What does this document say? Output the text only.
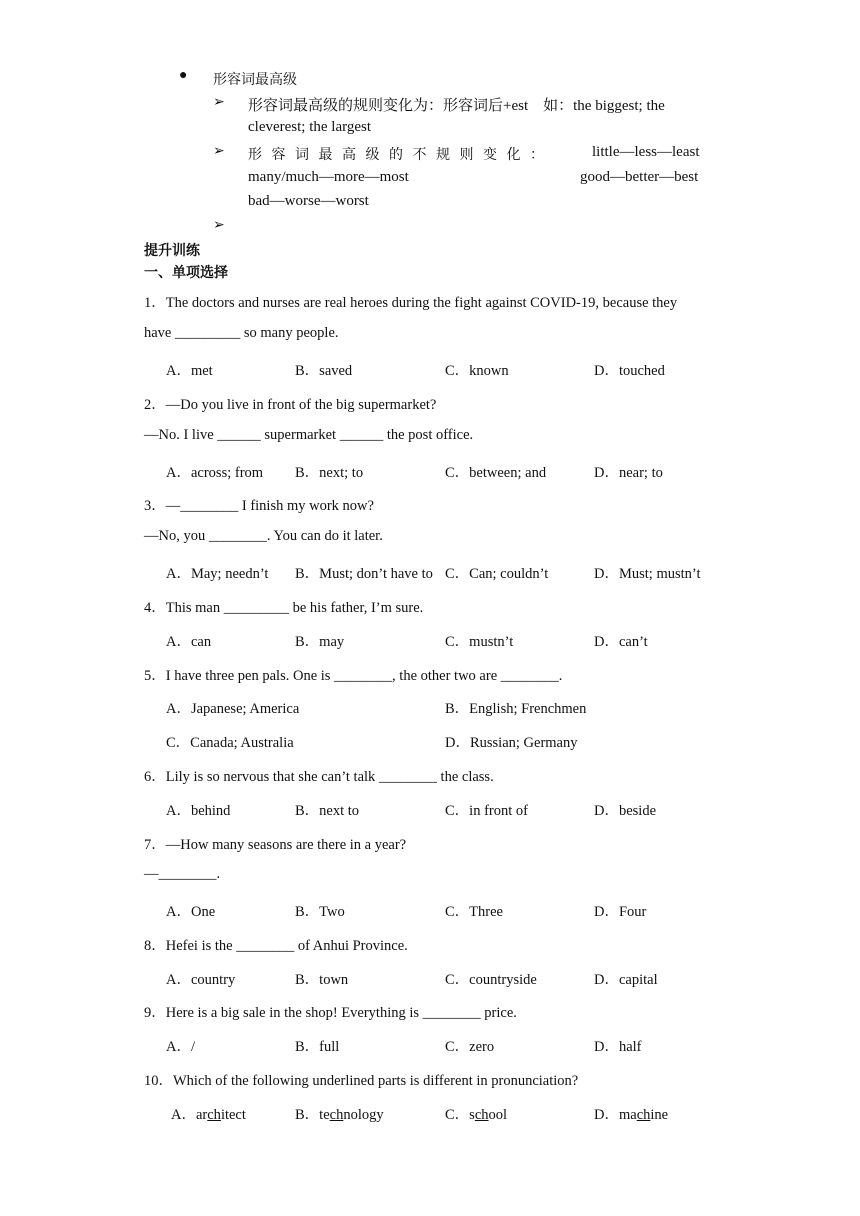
● 形容词最高级
➢ 形容词最高级的规则变化为：形容词后+est　如：the biggest; the
cleverest; the largest
➢ 形容词最高级的不规则变化：	little—less—least
many/much—more—most	good—better—best
bad—worse—worst
➢
提升训练
一、单项选择
1．The doctors and nurses are real heroes during the fight against COVID-19, because they
have _________ so many people.
A．met	B．saved	C．known	D．touched
2．—Do you live in front of the big supermarket?
—No. I live ______ supermarket ______ the post office.
A．across; from B．next; to	C．between; and	D．near; to
3．—________ I finish my work now?
—No, you ________. You can do it later.
A．May; needn’t B．Must; don’t have to C．Can; couldn’t	D．Must; mustn’t
4．This man _________ be his father, I’m sure.
A．can	B．may	C．mustn’t	D．can’t
5．I have three pen pals. One is ________, the other two are ________.
A．Japanese; America	B．English; Frenchmen
C．Canada; Australia	D．Russian; Germany
6．Lily is so nervous that she can’t talk ________ the class.
A．behind	B．next to	C．in front of	D．beside
7．—How many seasons are there in a year?
—________.
A．One	B．Two	C．Three	D．Four
8．Hefei is the ________ of Anhui Province.
A．country	B．town	C．countryside	D．capital
9．Here is a big sale in the shop! Everything is ________ price.
A．/	B．full	C．zero	D．half
10．Which of the following underlined parts is different in pronunciation?
A．architect	B．technology	C．school	D．machine
